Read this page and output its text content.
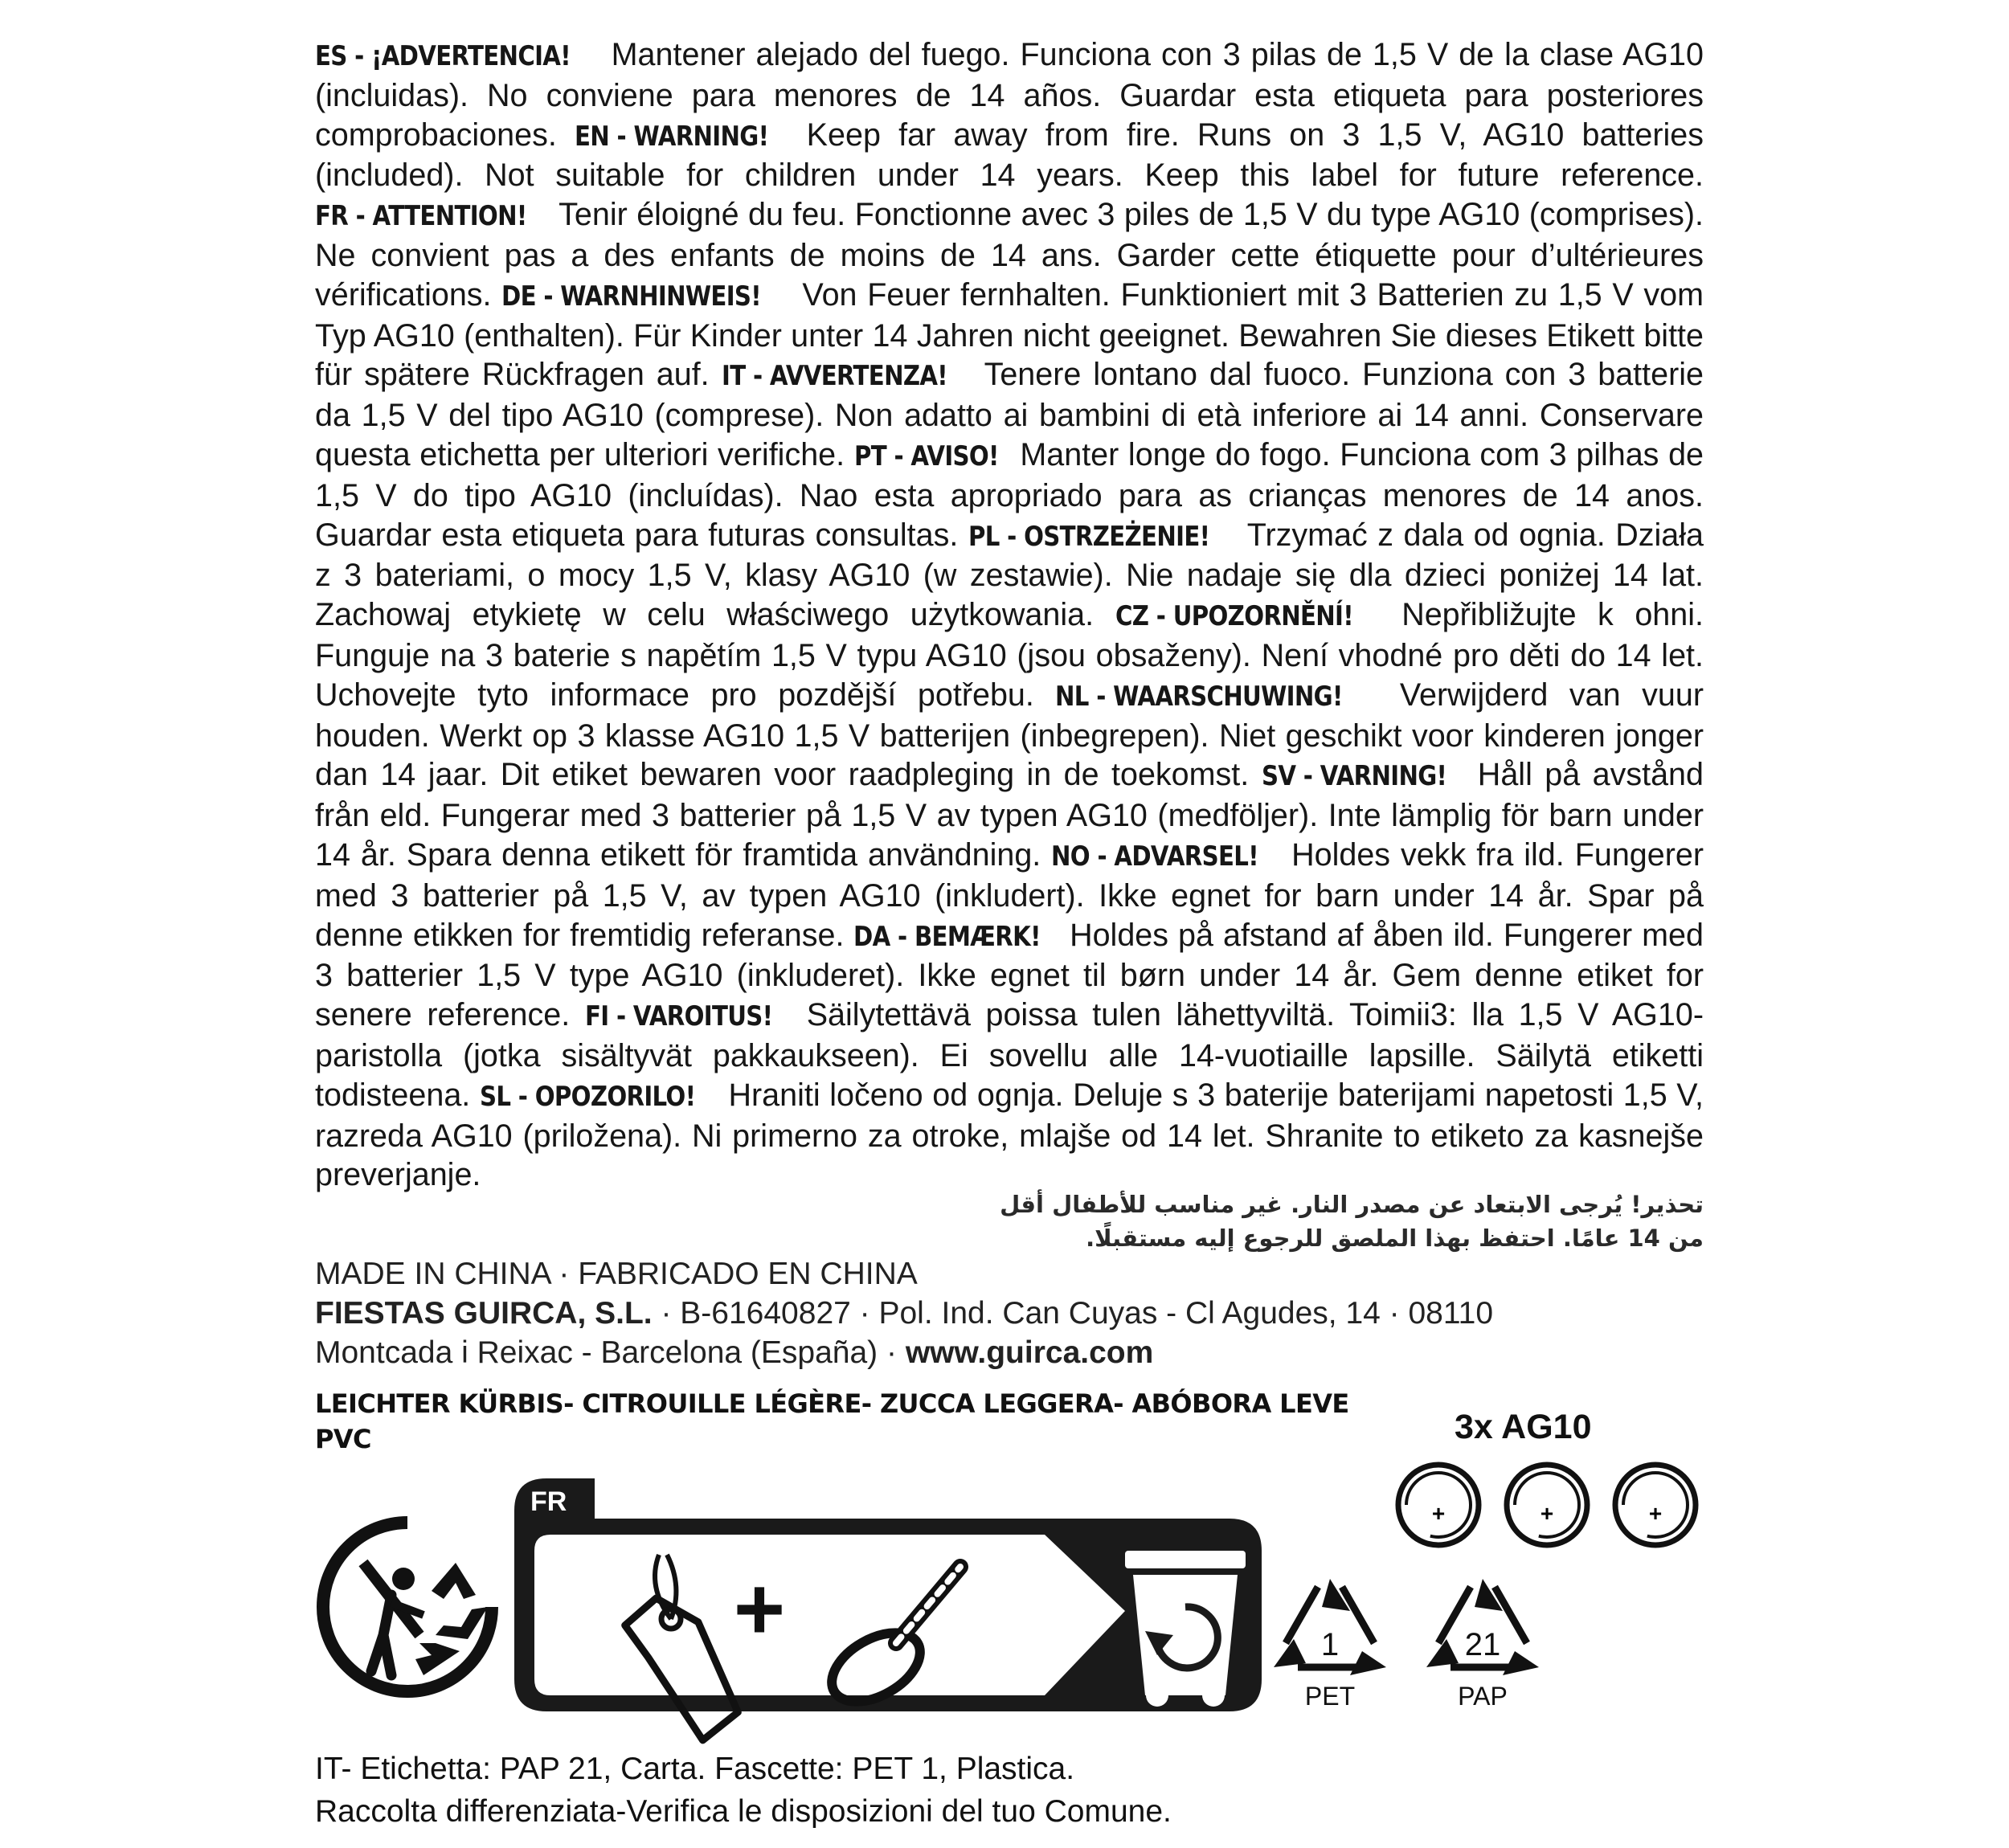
ES - ¡ADVERTENCIA! Mantener alejado del fuego. Funciona con 3 pilas de 1,5 V de la clase AG10 (incluidas). No conviene para menores de 14 años. Guardar esta etiqueta para posteriores comprobaciones. EN - WARNING! Keep far away from fire. Runs on 3 1,5 V, AG10 batteries (included). Not suitable for children under 14 years. Keep this label for future reference. FR - ATTENTION! Tenir éloigné du feu. Fonctionne avec 3 piles de 1,5 V du type AG10 (comprises). Ne convient pas a des enfants de moins de 14 ans. Garder cette étiquette pour d’ultérieures vérifications. DE - WARNHINWEIS! Von Feuer fernhalten. Funktioniert mit 3 Batterien zu 1,5 V vom Typ AG10 (enthalten). Für Kinder unter 14 Jahren nicht geeignet. Bewahren Sie dieses Etikett bitte für spätere Rückfragen auf. IT - AVVERTENZA! Tenere lontano dal fuoco. Funziona con 3 batterie da 1,5 V del tipo AG10 (comprese). Non adatto ai bambini di età inferiore ai 14 anni. Conservare questa etichetta per ulteriori verifiche. PT - AVISO! Manter longe do fogo. Funciona com 3 pilhas de 1,5 V do tipo AG10 (incluídas). Nao esta apropriado para as crianças menores de 14 anos. Guardar esta etiqueta para futuras consultas. PL - OSTRZEŻENIE! Trzymać z dala od ognia. Działa z 3 bateriami, o mocy 1,5 V, klasy AG10 (w zestawie). Nie nadaje się dla dzieci poniżej 14 lat. Zachowaj etykietę w celu właściwego użytkowania. CZ - UPOZORNĚNÍ! Nepřibližujte k ohni. Funguje na 3 baterie s napětím 1,5 V typu AG10 (jsou obsaženy). Není vhodné pro děti do 14 let. Uchovejte tyto informace pro pozdější potřebu. NL - WAARSCHUWING! Verwijderd van vuur houden. Werkt op 3 klasse AG10 1,5 V batterijen (inbegrepen). Niet geschikt voor kinderen jonger dan 14 jaar. Dit etiket bewaren voor raadpleging in de toekomst. SV - VARNING! Håll på avstånd från eld. Fungerar med 3 batterier på 1,5 V av typen AG10 (medföljer). Inte lämplig för barn under 14 år. Spara denna etikett för framtida användning. NO - ADVARSEL! Holdes vekk fra ild. Fungerer med 3 batterier på 1,5 V, av typen AG10 (inkludert). Ikke egnet for barn under 14 år. Spar på denne etikken for fremtidig referanse. DA - BEMÆRK! Holdes på afstand af åben ild. Fungerer med 3 batterier 1,5 V type AG10 (inkluderet). Ikke egnet til børn under 14 år. Gem denne etiket for senere reference. FI - VAROITUS! Säilytettävä poissa tulen lähettyviltä. Toimii3: lla 1,5 V AG10-paristolla (jotka sisältyvät pakkaukseen). Ei sovellu alle 14-vuotiaille lapsille. Säilytä etiketti todisteena. SL - OPOZORILO! Hraniti ločeno od ognja. Deluje s 3 baterije baterijami napetosti 1,5 V, razreda AG10 (priložena). Ni primerno za otroke, mlajše od 14 let. Shranite to etiketo za kasnejše preverjanje.
تحذير! يُرجى الابتعاد عن مصدر النار. غير مناسب للأطفال أقل
من 14 عامًا. احتفظ بهذا الملصق للرجوع إليه مستقبلًا.
MADE IN CHINA · FABRICADO EN CHINA
FIESTAS GUIRCA, S.L. · B-61640827 · Pol. Ind. Can Cuyas - Cl Agudes, 14 · 08110
Montcada i Reixac - Barcelona (España) · www.guirca.com
LEICHTER KÜRBIS- CITROUILLE LÉGÈRE- ZUCCA LEGGERA- ABÓBORA LEVE
PVC	3x AG10
+	+	+
FR
+	1
PET
21
PAP
IT- Etichetta: PAP 21, Carta. Fascette: PET 1, Plastica.
Raccolta differenziata-Verifica le disposizioni del tuo Comune.
